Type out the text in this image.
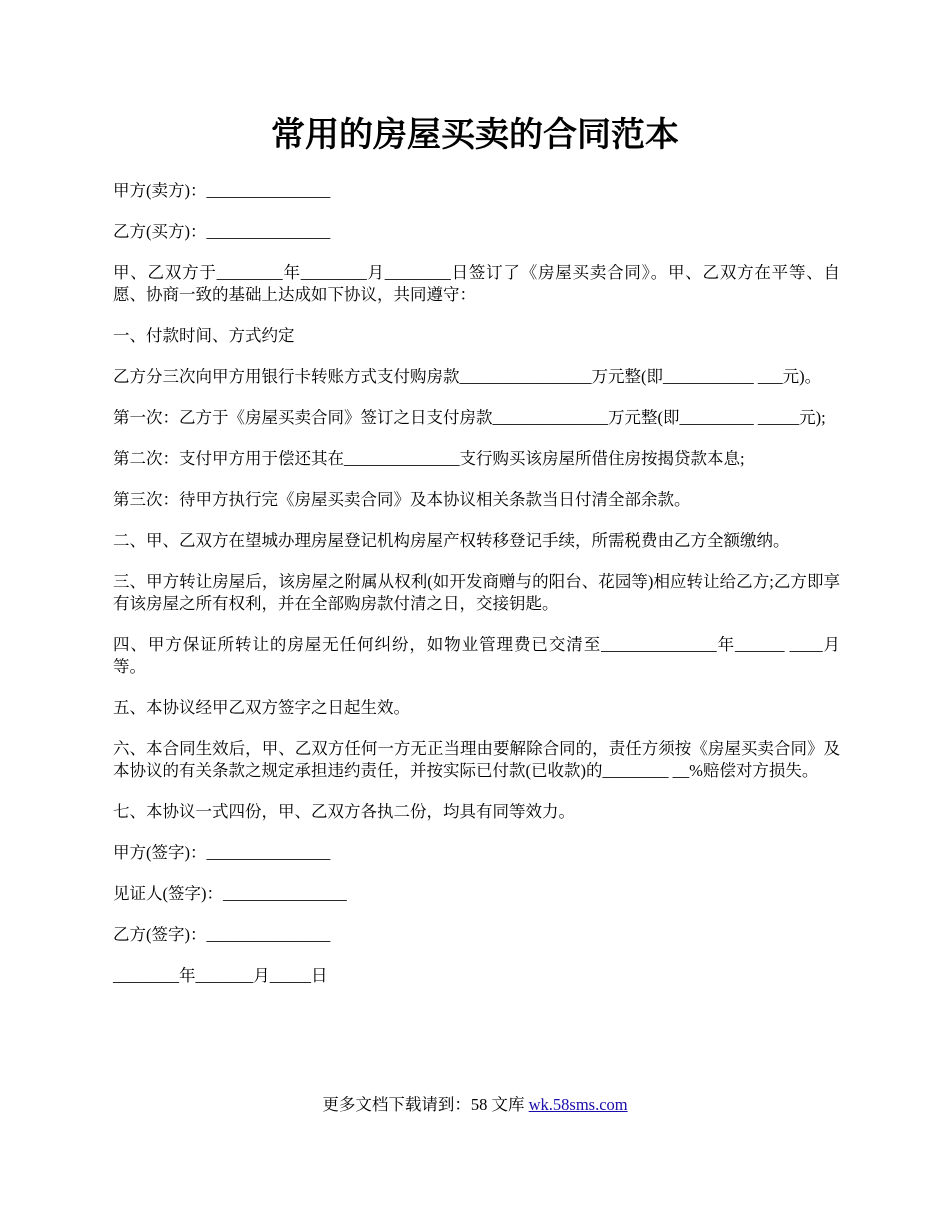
常用的房屋买卖的合同范本

甲方(卖方)：_______________

乙方(买方)：_______________

甲、乙双方于________年________月________日签订了《房屋买卖合同》。甲、乙双方在平等、自愿、协商一致的基础上达成如下协议，共同遵守：

一、付款时间、方式约定

乙方分三次向甲方用银行卡转账方式支付购房款________________万元整(即___________ ___元)。

第一次：乙方于《房屋买卖合同》签订之日支付房款______________万元整(即_________ _____元);

第二次：支付甲方用于偿还其在______________支行购买该房屋所借住房按揭贷款本息;

第三次：待甲方执行完《房屋买卖合同》及本协议相关条款当日付清全部余款。

二、甲、乙双方在望城办理房屋登记机构房屋产权转移登记手续，所需税费由乙方全额缴纳。

三、甲方转让房屋后，该房屋之附属从权利(如开发商赠与的阳台、花园等)相应转让给乙方;乙方即享有该房屋之所有权利，并在全部购房款付清之日，交接钥匙。

四、甲方保证所转让的房屋无任何纠纷，如物业管理费已交清至______________年______ ____月等。

五、本协议经甲乙双方签字之日起生效。

六、本合同生效后，甲、乙双方任何一方无正当理由要解除合同的，责任方须按《房屋买卖合同》及本协议的有关条款之规定承担违约责任，并按实际已付款(已收款)的________ __%赔偿对方损失。

七、本协议一式四份，甲、乙双方各执二份，均具有同等效力。

甲方(签字)：_______________

见证人(签字)：_______________

乙方(签字)：_______________

________年_______月_____日

更多文档下载请到：58 文库 wk.58sms.com
